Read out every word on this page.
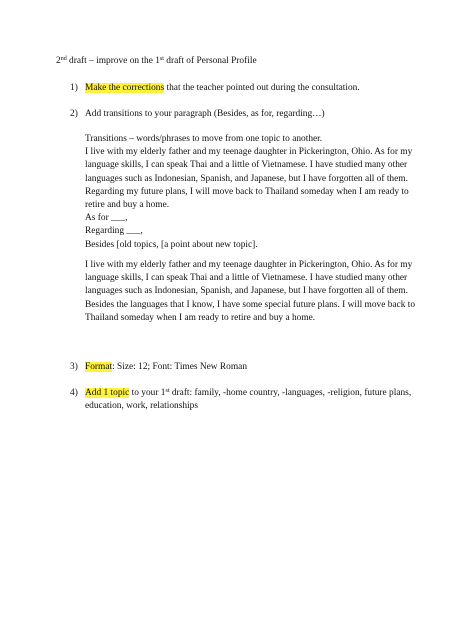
2nd draft – improve on the 1st draft of Personal Profile
1) Make the corrections that the teacher pointed out during the consultation.
2) Add transitions to your paragraph (Besides, as for, regarding…)
Transitions – words/phrases to move from one topic to another.
I live with my elderly father and my teenage daughter in Pickerington, Ohio. As for my
language skills, I can speak Thai and a little of Vietnamese. I have studied many other
languages such as Indonesian, Spanish, and Japanese, but I have forgotten all of them.
Regarding my future plans, I will move back to Thailand someday when I am ready to
retire and buy a home.
As for ___,
Regarding ___,
Besides [old topics, [a point about new topic].
I live with my elderly father and my teenage daughter in Pickerington, Ohio. As for my
language skills, I can speak Thai and a little of Vietnamese. I have studied many other
languages such as Indonesian, Spanish, and Japanese, but I have forgotten all of them.
Besides the languages that I know, I have some special future plans. I will move back to
Thailand someday when I am ready to retire and buy a home.
3) Format: Size: 12; Font: Times New Roman
4) Add 1 topic to your 1st draft: family, -home country, -languages, -religion, future plans,
education, work, relationships
